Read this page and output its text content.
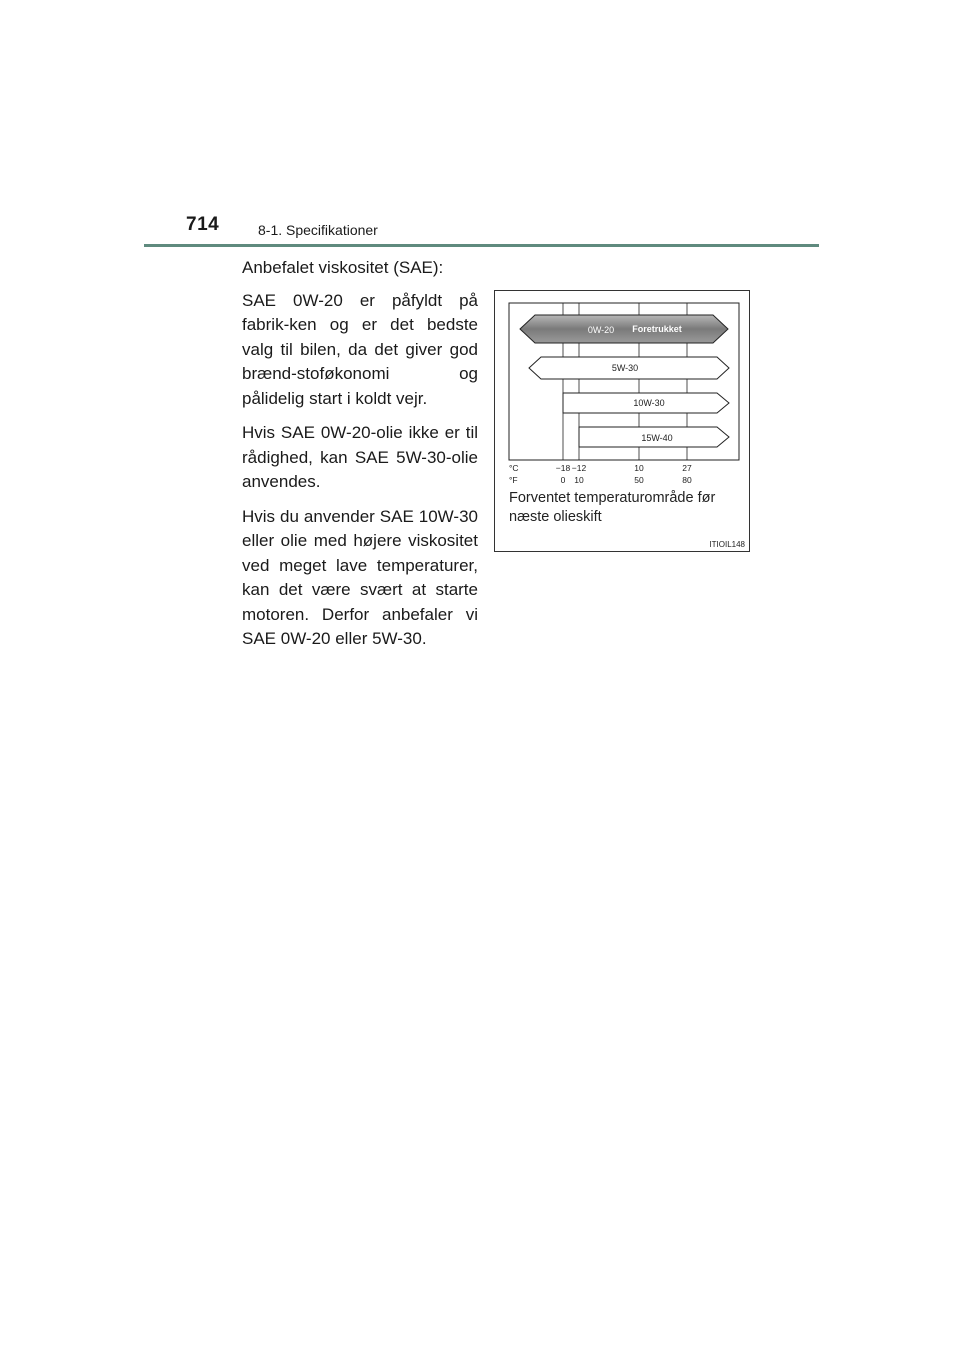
714	8-1. Specifikationer

Anbefalet viskositet (SAE):

SAE 0W-20 er påfyldt på fabrik-ken og er det bedste valg til bilen, da det giver god brænd-stoføkonomi og pålidelig start i koldt vejr.

Hvis SAE 0W-20-olie ikke er til rådighed, kan SAE 5W-30-olie anvendes.

Hvis du anvender SAE 10W-30 eller olie med højere viskositet ved meget lave temperaturer, kan det være svært at starte motoren. Derfor anbefaler vi SAE 0W-20 eller 5W-30.

0W-20 Foretrukket
5W-30
10W-30
15W-40
°C
°F
−18 −12	10	27
0 10	50	80
Forventet temperaturområde før næste olieskift
ITIOIL148
